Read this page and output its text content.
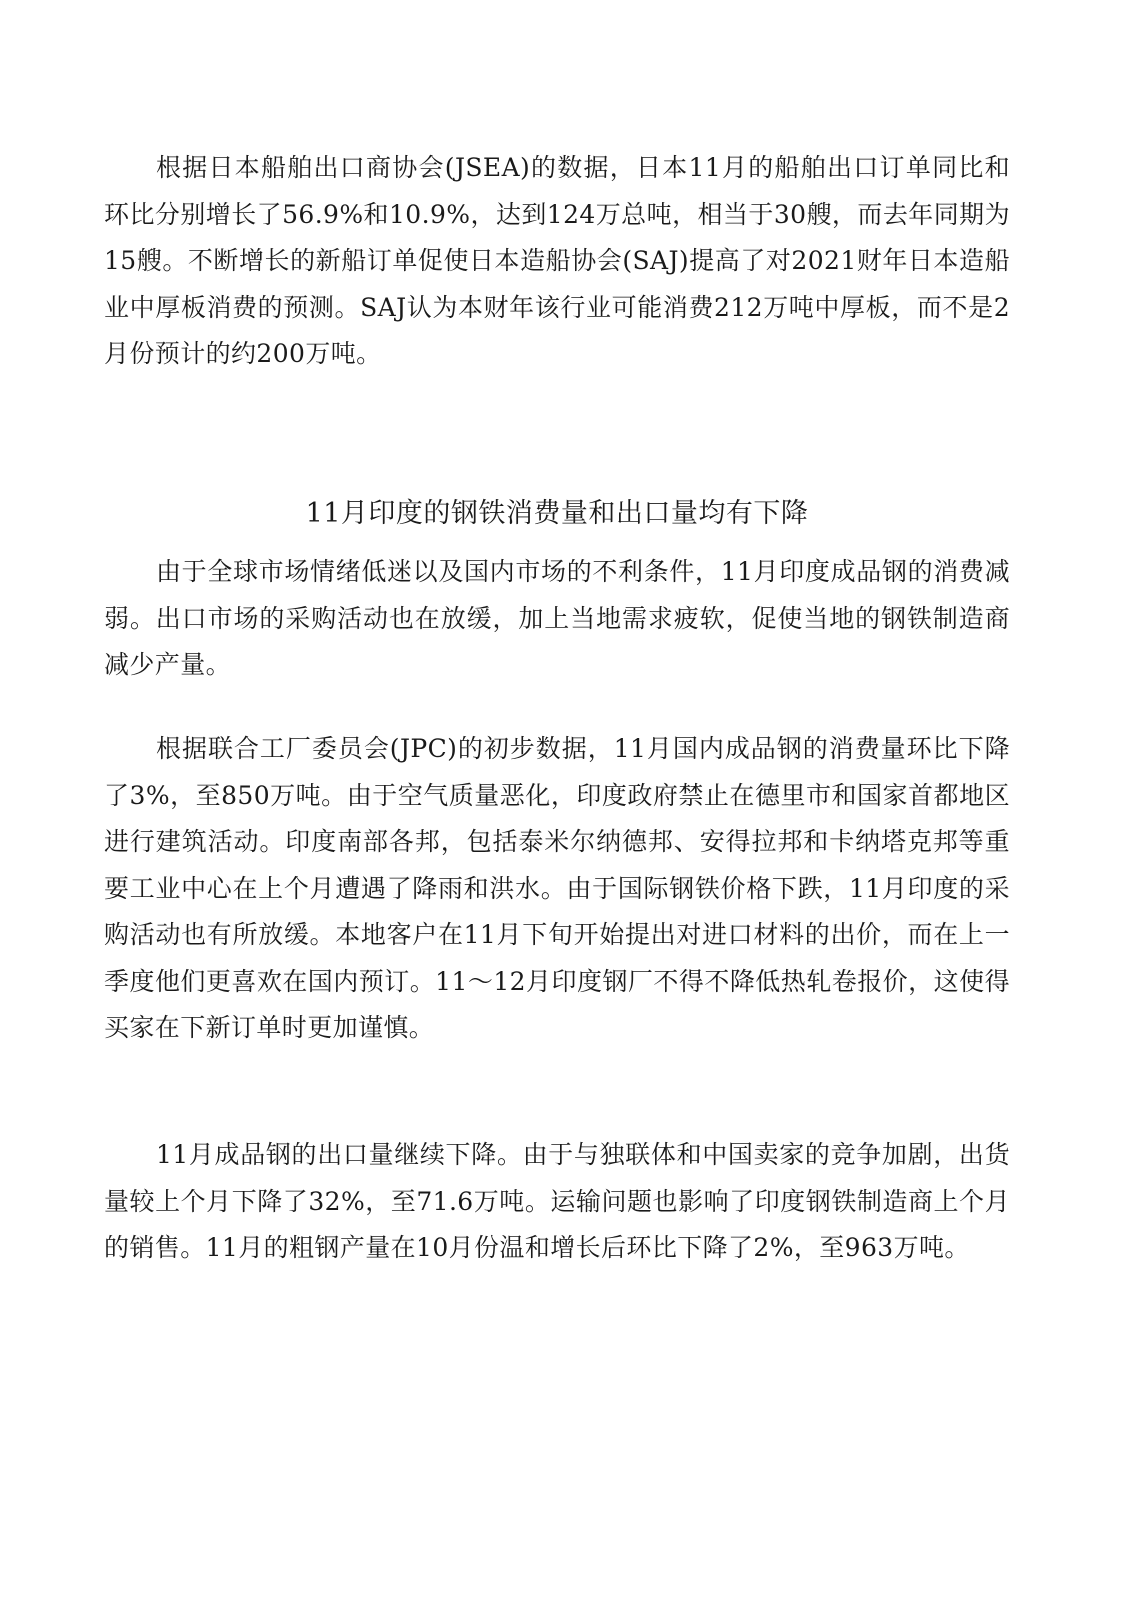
根据日本船舶出口商协会(JSEA)的数据，日本11月的船舶出口订单同比和环比分别增长了56.9%和10.9%，达到124万总吨，相当于30艘，而去年同期为15艘。不断增长的新船订单促使日本造船协会(SAJ)提高了对2021财年日本造船业中厚板消费的预测。SAJ认为本财年该行业可能消费212万吨中厚板，而不是2月份预计的约200万吨。

11月印度的钢铁消费量和出口量均有下降

由于全球市场情绪低迷以及国内市场的不利条件，11月印度成品钢的消费减弱。出口市场的采购活动也在放缓，加上当地需求疲软，促使当地的钢铁制造商减少产量。

根据联合工厂委员会(JPC)的初步数据，11月国内成品钢的消费量环比下降了3%，至850万吨。由于空气质量恶化，印度政府禁止在德里市和国家首都地区进行建筑活动。印度南部各邦，包括泰米尔纳德邦、安得拉邦和卡纳塔克邦等重要工业中心在上个月遭遇了降雨和洪水。由于国际钢铁价格下跌，11月印度的采购活动也有所放缓。本地客户在11月下旬开始提出对进口材料的出价，而在上一季度他们更喜欢在国内预订。11～12月印度钢厂不得不降低热轧卷报价，这使得买家在下新订单时更加谨慎。

11月成品钢的出口量继续下降。由于与独联体和中国卖家的竞争加剧，出货量较上个月下降了32%，至71.6万吨。运输问题也影响了印度钢铁制造商上个月的销售。11月的粗钢产量在10月份温和增长后环比下降了2%，至963万吨。
